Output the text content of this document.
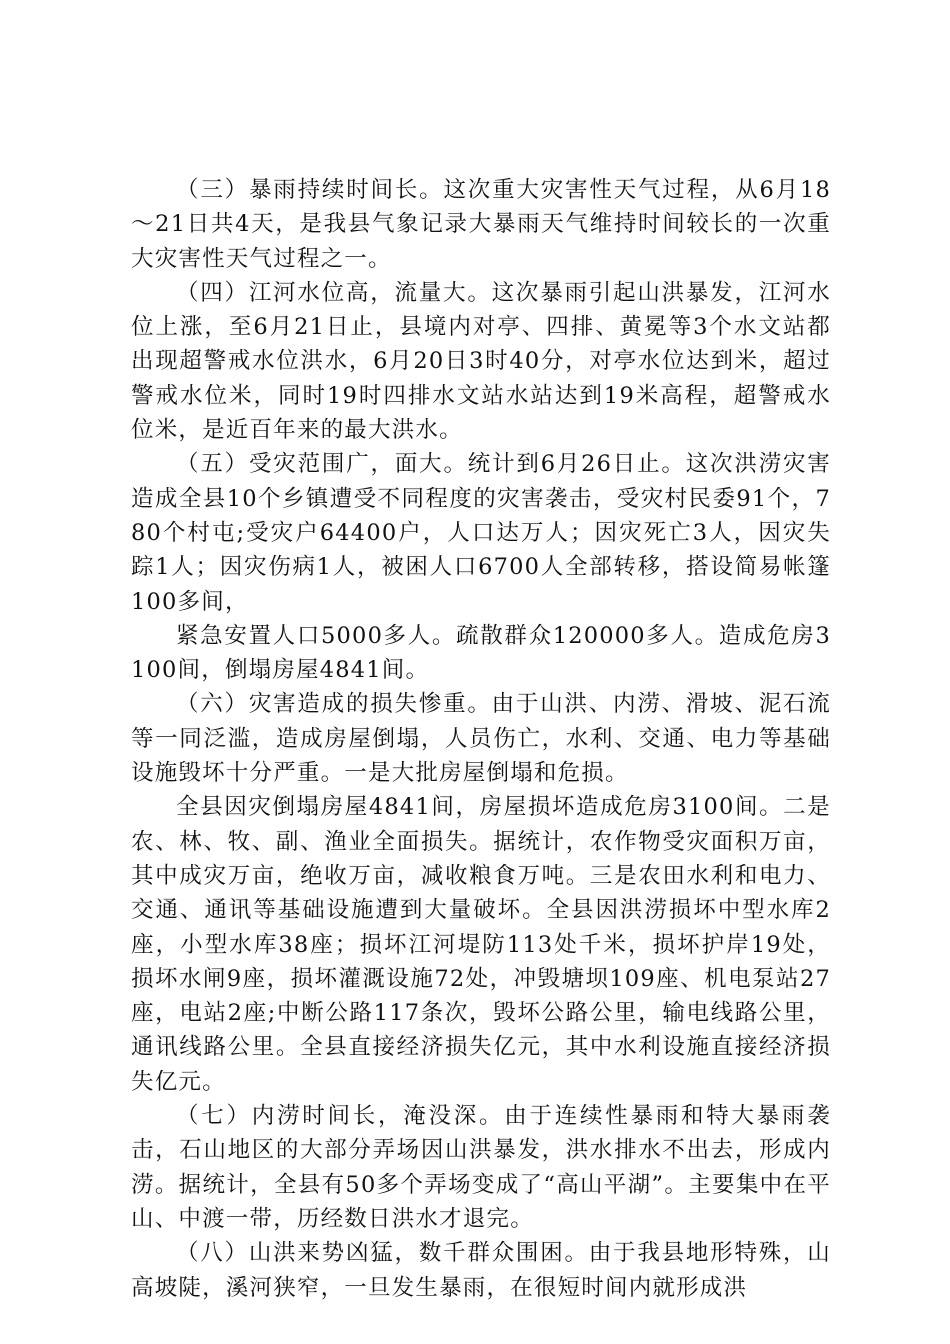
（三）暴雨持续时间长。这次重大灾害性天气过程，从6月18～21日共4天，是我县气象记录大暴雨天气维持时间较长的一次重大灾害性天气过程之一。

（四）江河水位高，流量大。这次暴雨引起山洪暴发，江河水位上涨，至6月21日止，县境内对亭、四排、黄冕等3个水文站都出现超警戒水位洪水，6月20日3时40分，对亭水位达到米，超过警戒水位米，同时19时四排水文站水站达到19米高程，超警戒水位米，是近百年来的最大洪水。

（五）受灾范围广，面大。统计到6月26日止。这次洪涝灾害造成全县10个乡镇遭受不同程度的灾害袭击，受灾村民委91个，780个村屯;受灾户64400户，人口达万人；因灾死亡3人，因灾失踪1人；因灾伤病1人，被困人口6700人全部转移，搭设简易帐篷100多间，

紧急安置人口5000多人。疏散群众120000多人。造成危房3100间，倒塌房屋4841间。

（六）灾害造成的损失惨重。由于山洪、内涝、滑坡、泥石流等一同泛滥，造成房屋倒塌，人员伤亡，水利、交通、电力等基础设施毁坏十分严重。一是大批房屋倒塌和危损。

全县因灾倒塌房屋4841间，房屋损坏造成危房3100间。二是农、林、牧、副、渔业全面损失。据统计，农作物受灾面积万亩，其中成灾万亩，绝收万亩，减收粮食万吨。三是农田水利和电力、交通、通讯等基础设施遭到大量破坏。全县因洪涝损坏中型水库2座，小型水库38座；损坏江河堤防113处千米，损坏护岸19处，损坏水闸9座，损坏灌溉设施72处，冲毁塘坝109座、机电泵站27座，电站2座;中断公路117条次，毁坏公路公里，输电线路公里，通讯线路公里。全县直接经济损失亿元，其中水利设施直接经济损失亿元。

（七）内涝时间长，淹没深。由于连续性暴雨和特大暴雨袭击，石山地区的大部分弄场因山洪暴发，洪水排水不出去，形成内涝。据统计，全县有50多个弄场变成了“高山平湖”。主要集中在平山、中渡一带，历经数日洪水才退完。

（八）山洪来势凶猛，数千群众围困。由于我县地形特殊，山高坡陡，溪河狭窄，一旦发生暴雨，在很短时间内就形成洪
